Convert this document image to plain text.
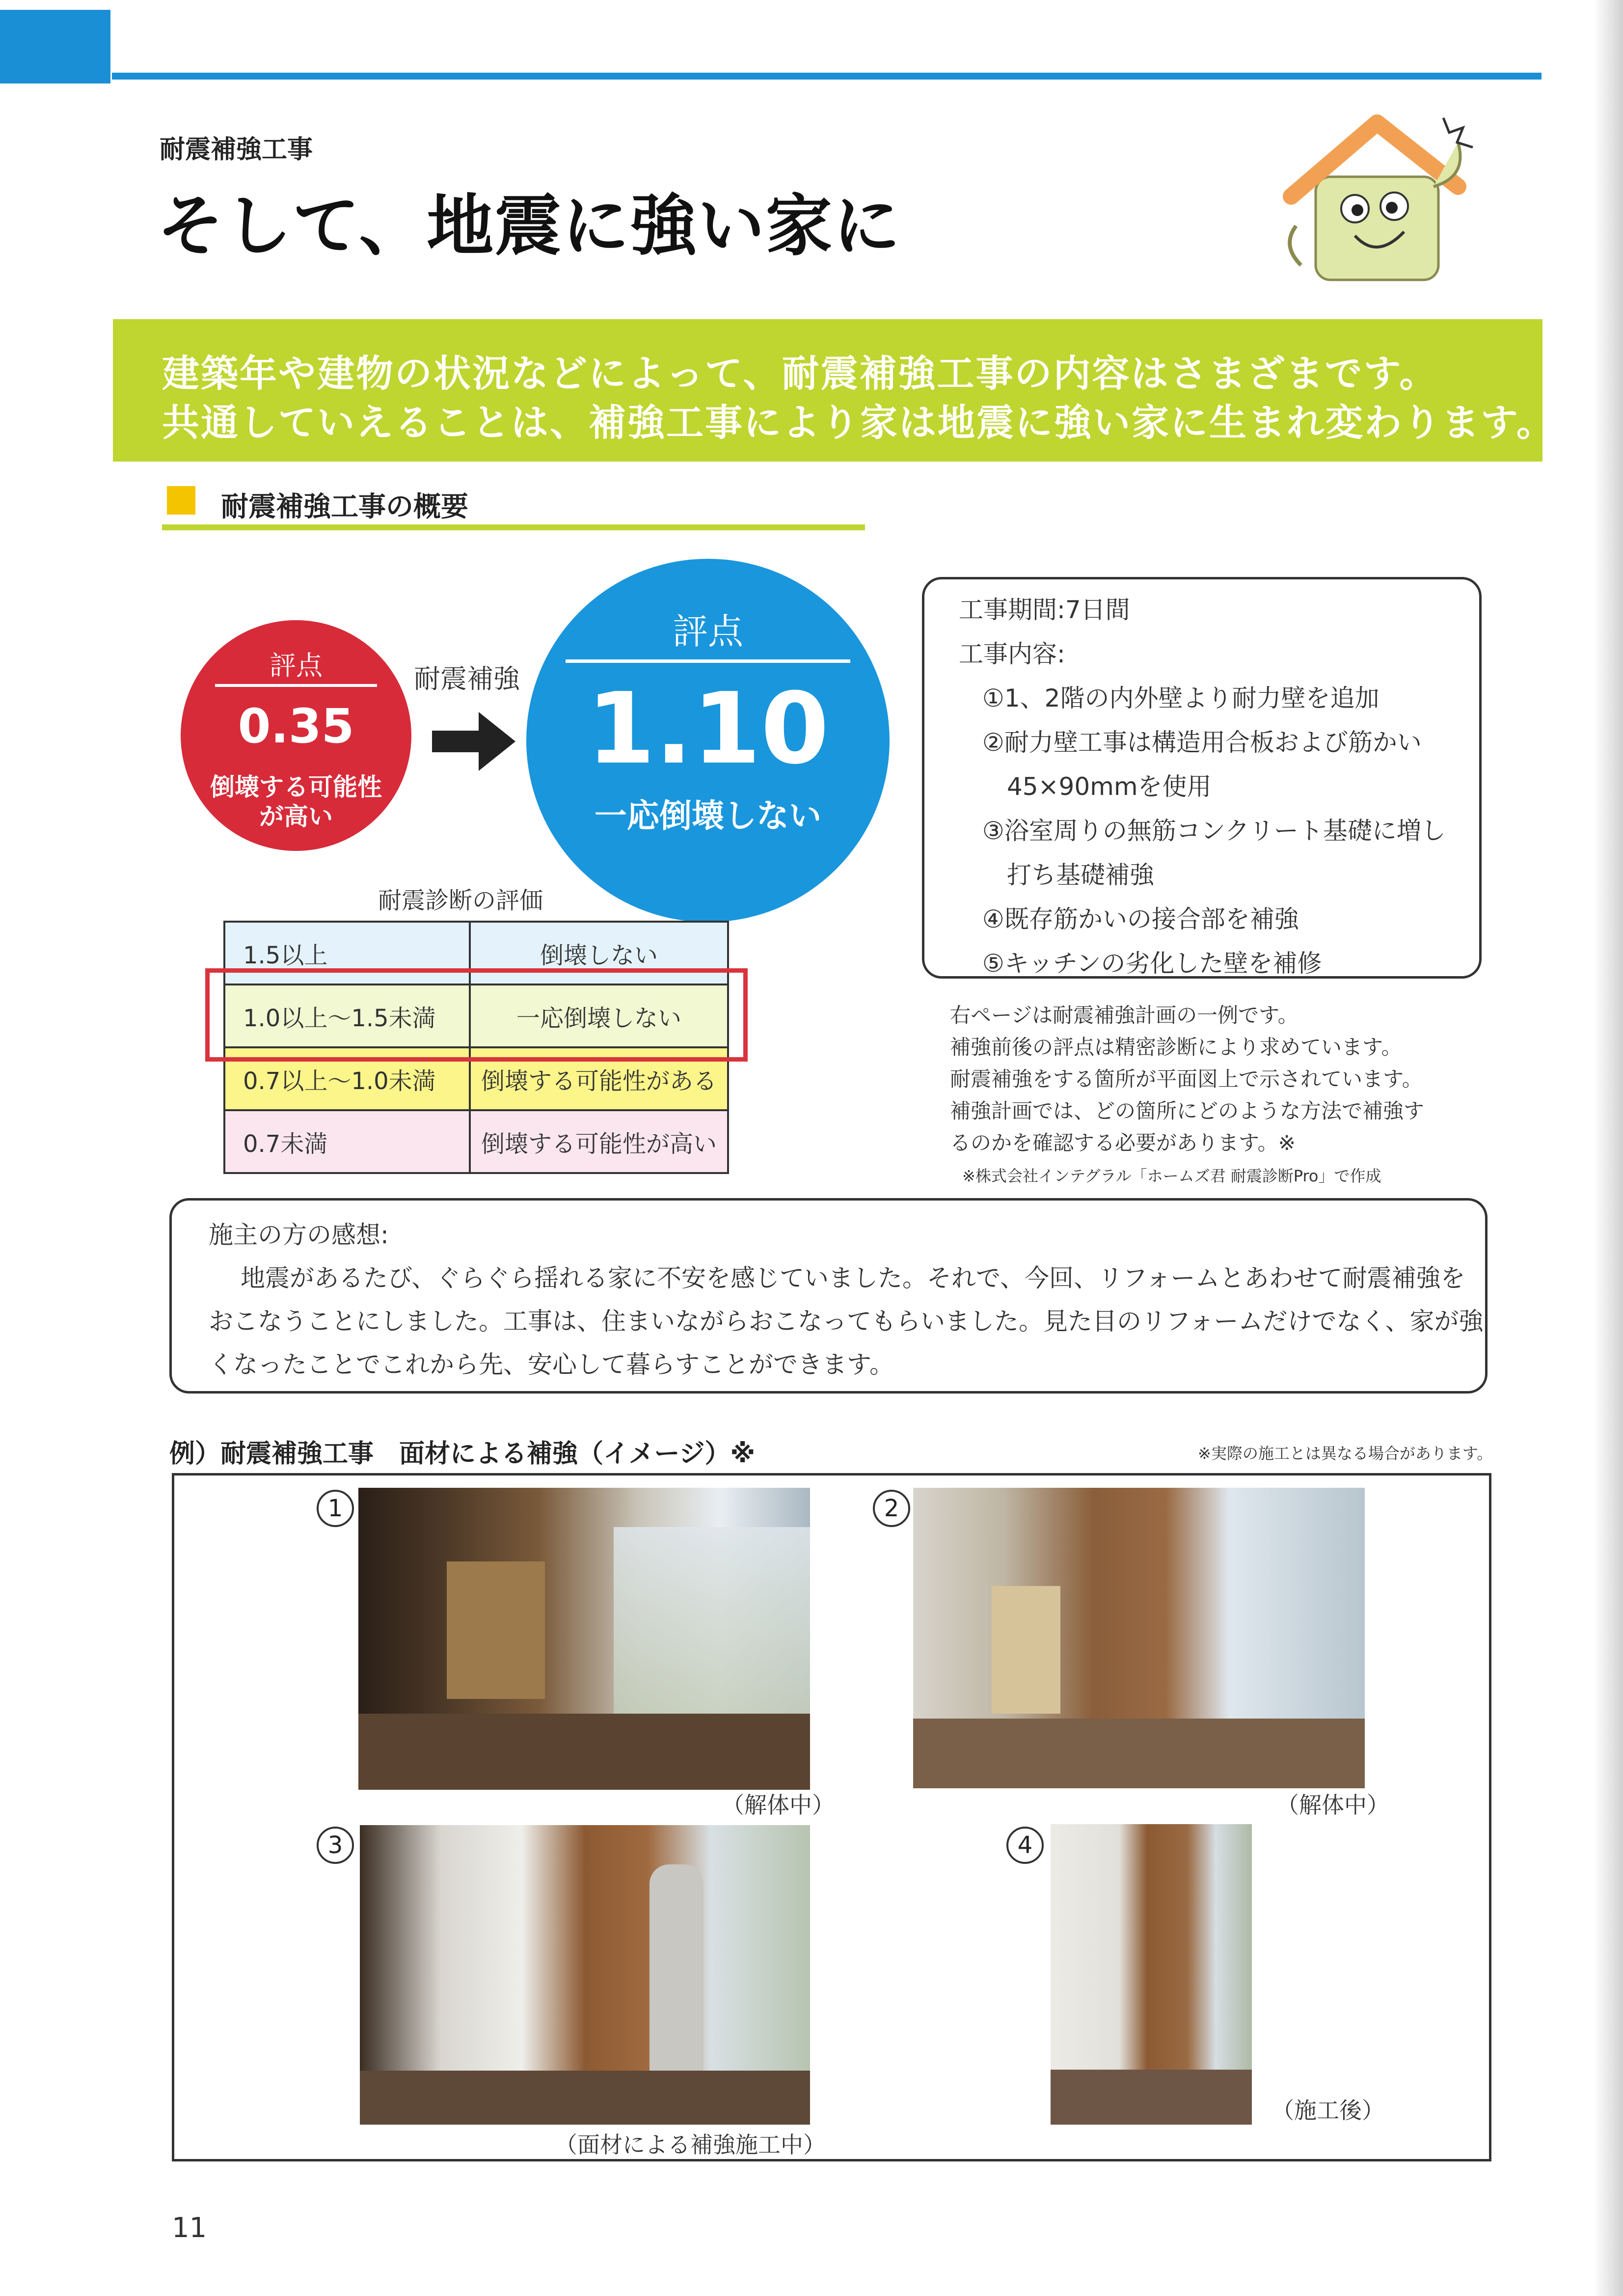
耐震補強工事
そして、地震に強い家に
建築年や建物の状況などによって、耐震補強工事の内容はさまざまです。
共通していえることは、補強工事により家は地震に強い家に生まれ変わります。
耐震補強工事の概要
評点
0.35
倒壊する可能性
が高い
耐震補強
評点
1.10
一応倒壊しない
耐震診断の評価
1.5以上	倒壊しない
1.0以上～1.5未満	一応倒壊しない
0.7以上～1.0未満	倒壊する可能性がある
0.7未満	倒壊する可能性が高い
工事期間:7日間
工事内容:
①1、2階の内外壁より耐力壁を追加
②耐力壁工事は構造用合板および筋かい
45×90mmを使用
③浴室周りの無筋コンクリート基礎に増し
打ち基礎補強
④既存筋かいの接合部を補強
⑤キッチンの劣化した壁を補修
右ページは耐震補強計画の一例です。
補強前後の評点は精密診断により求めています。
耐震補強をする箇所が平面図上で示されています。
補強計画では、どの箇所にどのような方法で補強す
るのかを確認する必要があります。※
※株式会社インテグラル「ホームズ君 耐震診断Pro」で作成
施主の方の感想:
地震があるたび、ぐらぐら揺れる家に不安を感じていました。それで、今回、リフォームとあわせて耐震補強を
おこなうことにしました。工事は、住まいながらおこなってもらいました。見た目のリフォームだけでなく、家が強
くなったことでこれから先、安心して暮らすことができます。
例）耐震補強工事　面材による補強（イメージ）※	※実際の施工とは異なる場合があります。
1
（解体中）
2
（解体中）
3
（面材による補強施工中）
4
（施工後）
11
